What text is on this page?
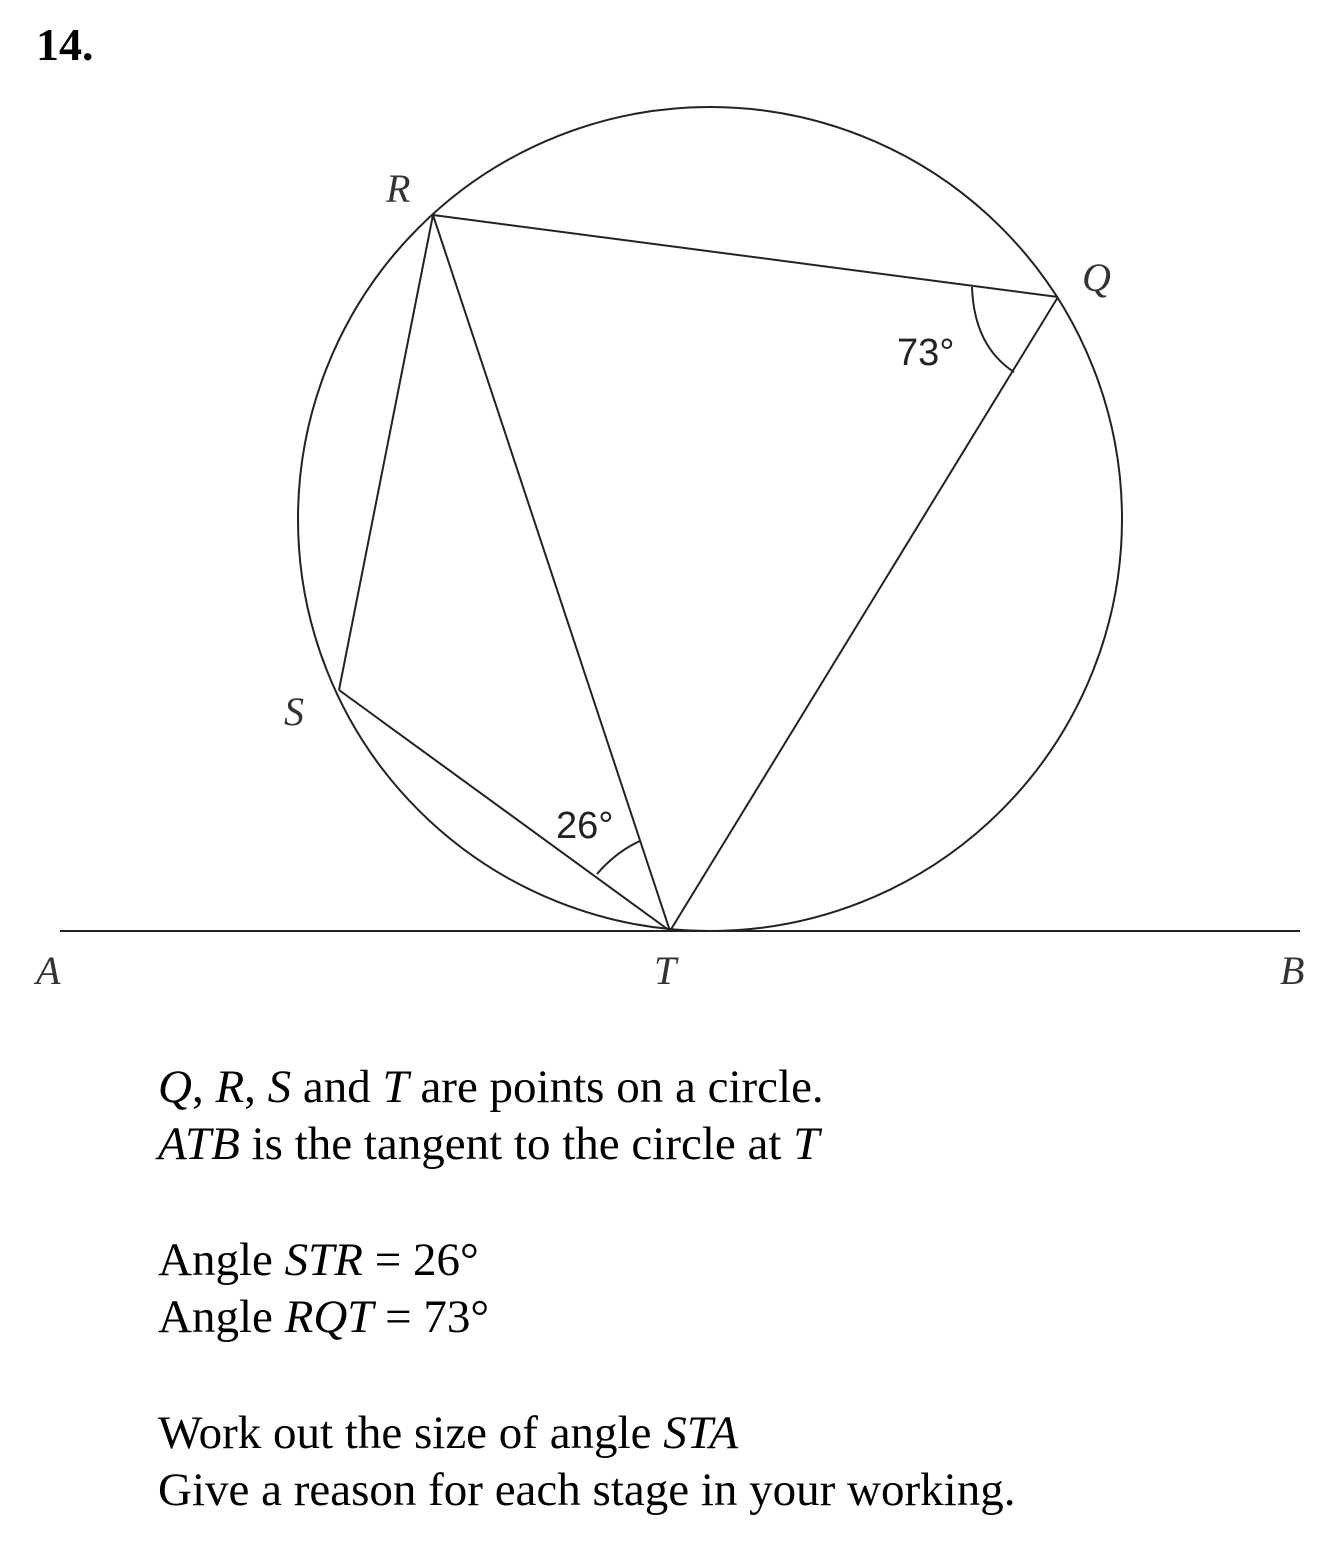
14.
R
Q
S
T
A	B
26°
73°
Q, R, S and T are points on a circle.
ATB is the tangent to the circle at T
Angle STR = 26°
Angle RQT = 73°
Work out the size of angle STA
Give a reason for each stage in your working.
